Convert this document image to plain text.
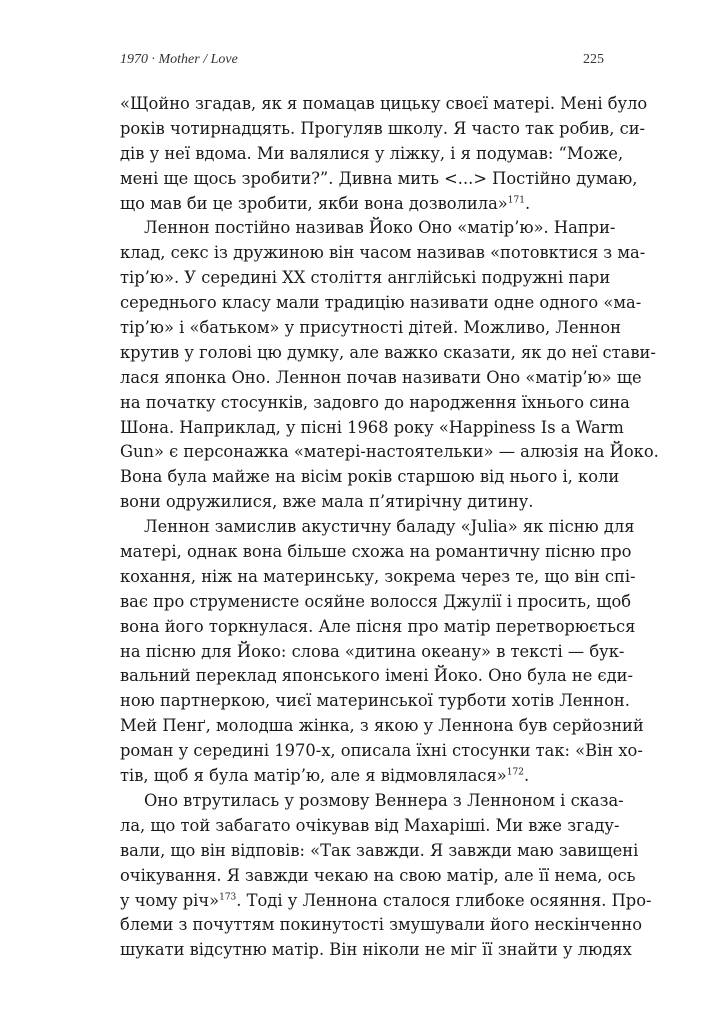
1970 · Mother / Love	225
«Щойно згадав, як я помацав цицьку своєї матері. Мені було
років чотирнадцять. Прогуляв школу. Я часто так робив, си-
дів у неї вдома. Ми валялися у ліжку, і я подумав: “Може,
мені ще щось зробити?”. Дивна мить <...> Постійно думаю,
що мав би це зробити, якби вона дозволила»$^{171}$.
Леннон постійно називав Йоко Оно «матір’ю». Напри-
клад, секс із дружиною він часом називав «потовктися з ма-
тір’ю». У середині ХХ століття англійські подружні пари
середнього класу мали традицію називати одне одного «ма-
тір’ю» і «батьком» у присутності дітей. Можливо, Леннон
крутив у голові цю думку, але важко сказати, як до неї стави-
лася японка Оно. Леннон почав називати Оно «матір’ю» ще
на початку стосунків, задовго до народження їхнього сина
Шона. Наприклад, у пісні 1968 року «Happiness Is a Warm
Gun» є персонажка «матері-настоятельки» — алюзія на Йоко.
Вона була майже на вісім років старшою від нього і, коли
вони одружилися, вже мала п’ятирічну дитину.
Леннон замислив акустичну баладу «Julia» як пісню для
матері, однак вона більше схожа на романтичну пісню про
кохання, ніж на материнську, зокрема через те, що він спі-
ває про струменисте осяйне волосся Джулії і просить, щоб
вона його торкнулася. Але пісня про матір перетворюється
на пісню для Йоко: слова «дитина океану» в тексті — бук-
вальний переклад японського імені Йоко. Оно була не єди-
ною партнеркою, чиєї материнської турботи хотів Леннон.
Мей Пенґ, молодша жінка, з якою у Леннона був серйозний
роман у середині 1970-х, описала їхні стосунки так: «Він хо-
тів, щоб я була матір’ю, але я відмовлялася»$^{172}$.
Оно втрутилась у розмову Веннера з Ленноном і сказа-
ла, що той забагато очікував від Махаріші. Ми вже згаду-
вали, що він відповів: «Так завжди. Я завжди маю завищені
очікування. Я завжди чекаю на свою матір, але її нема, ось
у чому річ»$^{173}$. Тоді у Леннона сталося глибоке осяяння. Про-
блеми з почуттям покинутості змушували його нескінченно
шукати відсутню матір. Він ніколи не міг її знайти у людях
